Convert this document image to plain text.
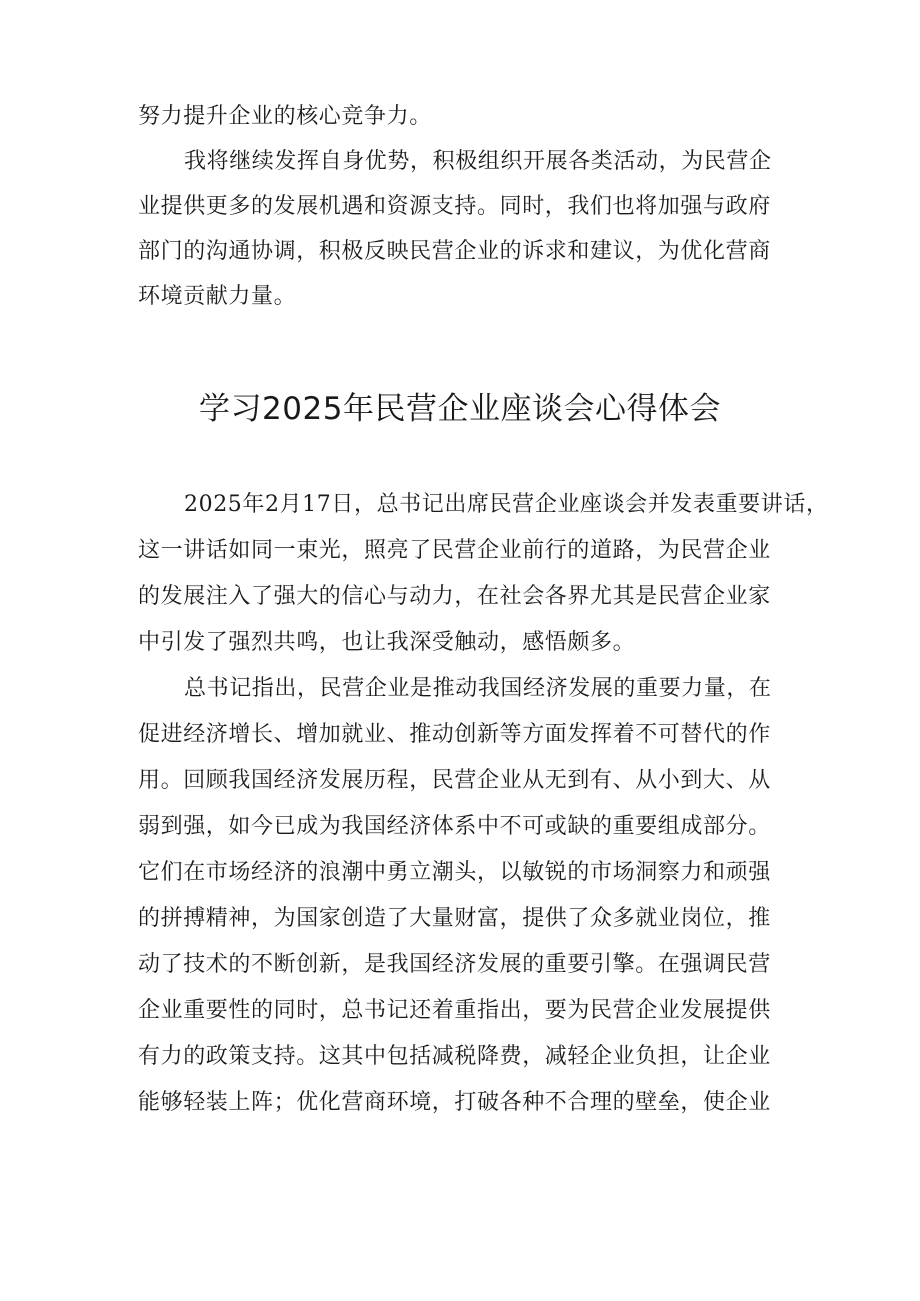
努力提升企业的核心竞争力。

我将继续发挥自身优势，积极组织开展各类活动，为民营企

业提供更多的发展机遇和资源支持。同时，我们也将加强与政府

部门的沟通协调，积极反映民营企业的诉求和建议，为优化营商

环境贡献力量。

学习2025年民营企业座谈会心得体会

2025年2月17日，总书记出席民营企业座谈会并发表重要讲话，

这一讲话如同一束光，照亮了民营企业前行的道路，为民营企业

的发展注入了强大的信心与动力，在社会各界尤其是民营企业家

中引发了强烈共鸣，也让我深受触动，感悟颇多。

总书记指出，民营企业是推动我国经济发展的重要力量，在

促进经济增长、增加就业、推动创新等方面发挥着不可替代的作

用。回顾我国经济发展历程，民营企业从无到有、从小到大、从

弱到强，如今已成为我国经济体系中不可或缺的重要组成部分。

它们在市场经济的浪潮中勇立潮头，以敏锐的市场洞察力和顽强

的拼搏精神，为国家创造了大量财富，提供了众多就业岗位，推

动了技术的不断创新，是我国经济发展的重要引擎。在强调民营

企业重要性的同时，总书记还着重指出，要为民营企业发展提供

有力的政策支持。这其中包括减税降费，减轻企业负担，让企业

能够轻装上阵；优化营商环境，打破各种不合理的壁垒，使企业
